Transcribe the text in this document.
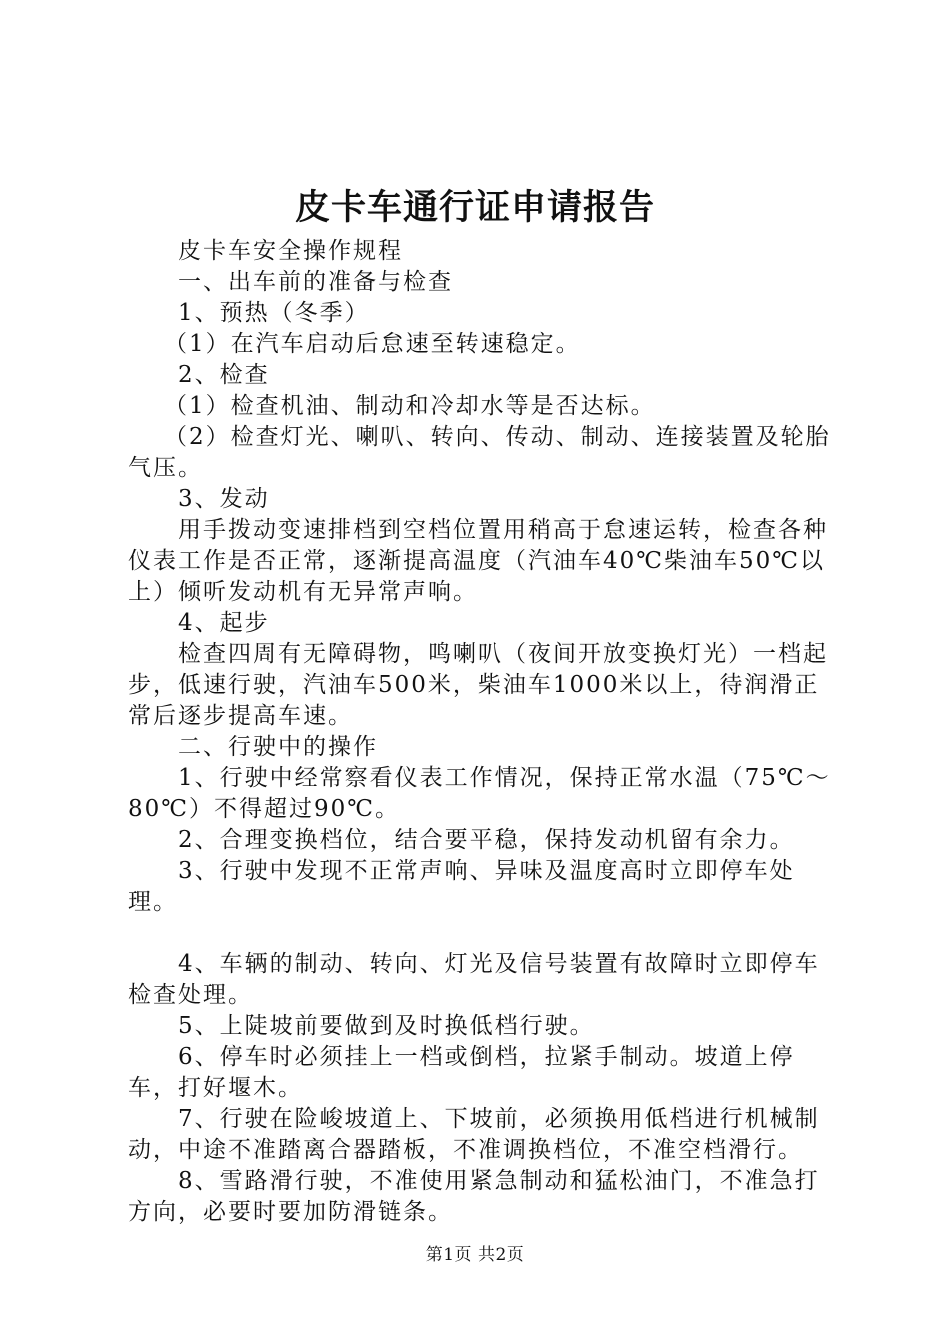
皮卡车通行证申请报告

皮卡车安全操作规程

一、出车前的准备与检查

1、预热（冬季）

（1）在汽车启动后怠速至转速稳定。

2、检查

（1）检查机油、制动和冷却水等是否达标。

（2）检查灯光、喇叭、转向、传动、制动、连接装置及轮胎气压。

3、发动

用手拨动变速排档到空档位置用稍高于怠速运转，检查各种仪表工作是否正常，逐渐提高温度（汽油车40℃柴油车50℃以上）倾听发动机有无异常声响。

4、起步

检查四周有无障碍物，鸣喇叭（夜间开放变换灯光）一档起步，低速行驶，汽油车500米，柴油车1000米以上，待润滑正常后逐步提高车速。

二、行驶中的操作

1、行驶中经常察看仪表工作情况，保持正常水温（75℃～80℃）不得超过90℃。

2、合理变换档位，结合要平稳，保持发动机留有余力。

3、行驶中发现不正常声响、异味及温度高时立即停车处理。

4、车辆的制动、转向、灯光及信号装置有故障时立即停车检查处理。

5、上陡坡前要做到及时换低档行驶。

6、停车时必须挂上一档或倒档，拉紧手制动。坡道上停车，打好堰木。

7、行驶在险峻坡道上、下坡前，必须换用低档进行机械制动，中途不准踏离合器踏板，不准调换档位，不准空档滑行。

8、雪路滑行驶，不准使用紧急制动和猛松油门，不准急打方向，必要时要加防滑链条。

第1页 共2页
